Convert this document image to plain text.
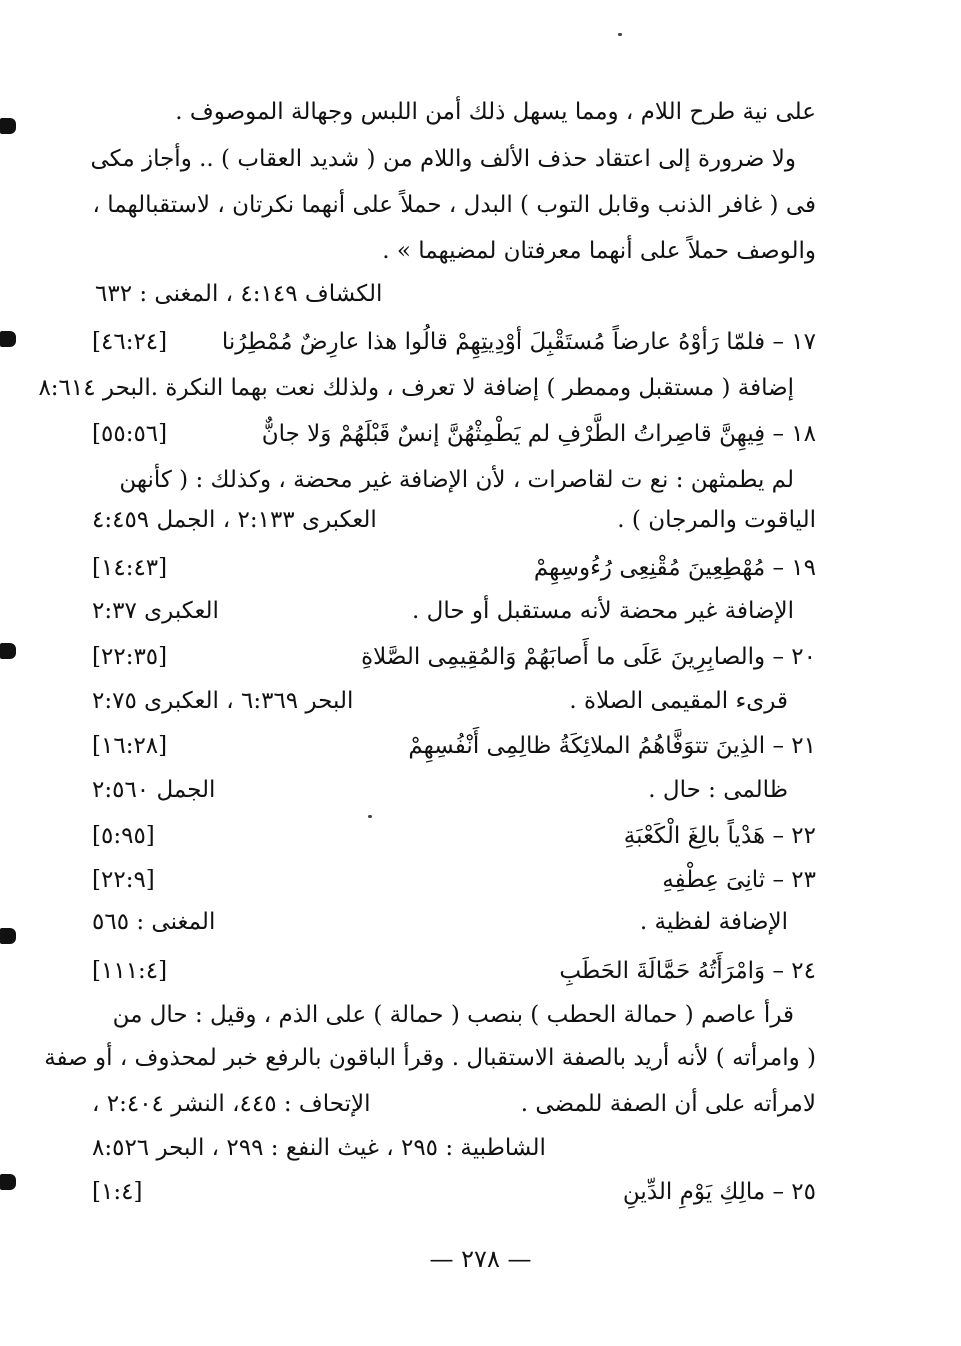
على نية طرح اللام ، ومما يسهل ذلك أمن اللبس وجهالة الموصوف .
ولا ضرورة إلى اعتقاد حذف الألف واللام من ( شديد العقاب ) .. وأجاز مكى
فى ( غافر الذنب وقابل التوب ) البدل ، حملاً على أنهما نكرتان ، لاستقبالهما ،
والوصف حملاً على أنهما معرفتان لمضيهما » .
الكشاف ٤:١٤٩ ، المغنى : ٦٣٢
١٧ – فلمّا رَأوْهُ عارضاً مُستَقْبِلَ أوْدِيتِهِمْ قالُوا هذا عارِضٌ مُمْطِرُنا
[٤٦:٢٤]
إضافة ( مستقبل وممطر ) إضافة لا تعرف ، ولذلك نعت بهما النكرة .البحر ٨:٦١٤
١٨ – فِيهِنَّ قاصِراتُ الطَّرْفِ لم يَطْمِثْهُنَّ إنسٌ قَبْلَهُمْ وَلا جانٌّ
[٥٥:٥٦]
لم يطمثهن : نع ت لقاصرات ، لأن الإضافة غير محضة ، وكذلك : ( كأنهن
الياقوت والمرجان ) .
العكبرى ٢:١٣٣ ، الجمل ٤:٤٥٩
١٩ – مُهْطِعِينَ مُقْنِعِى رُءُوسِهِمْ
[١٤:٤٣]
الإضافة غير محضة لأنه مستقبل أو حال .
العكبرى ٢:٣٧
٢٠ – والصابِرِينَ عَلَى ما أَصابَهُمْ وَالمُقِيمِى الصَّلاةِ
[٢٢:٣٥]
قرىء المقيمى الصلاة .
البحر ٦:٣٦٩ ، العكبرى ٢:٧٥
٢١ – الذِينَ تتوَفَّاهُمُ الملائِكَةُ ظالِمِى أَنْفُسِهِمْ
[١٦:٢٨]
ظالمى : حال .
الجمل ٢:٥٦٠
٢٢ – هَدْياً بالِغَ الْكَعْبَةِ
[٥:٩٥]
٢٣ – ثانِىَ عِطْفِهِ
[٢٢:٩]
الإضافة لفظية .
المغنى : ٥٦٥
٢٤ – وَامْرَأَتُهُ حَمَّالَةَ الحَطَبِ
[١١١:٤]
قرأ عاصم ( حمالة الحطب ) بنصب ( حمالة ) على الذم ، وقيل : حال من
( وامرأته ) لأنه أريد بالصفة الاستقبال . وقرأ الباقون بالرفع خبر لمحذوف ، أو صفة
لامرأته على أن الصفة للمضى .
الإتحاف : ٤٤٥، النشر ٢:٤٠٤ ،
الشاطبية : ٢٩٥ ، غيث النفع : ٢٩٩ ، البحر ٨:٥٢٦
٢٥ – مالِكِ يَوْمِ الدِّينِ
[١:٤]
— ٢٧٨ —
